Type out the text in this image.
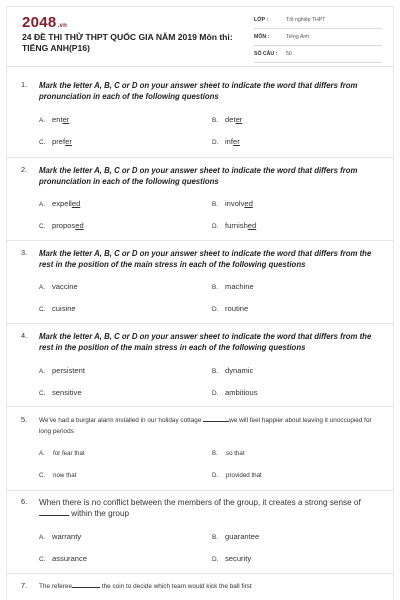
2048.vn
24 ĐỀ THI THỬ THPT QUỐC GIA NĂM 2019 Môn thi: TIẾNG ANH(P16)
LỚP :	Tốt nghiệp THPT
MÔN :	Tiếng Anh
SỐ CÂU : 50
1. Mark the letter A, B, C or D on your answer sheet to indicate the word that differs from pronunciation in each of the following questions
A. enter	B. deter
C. prefer	D. infer
2. Mark the letter A, B, C or D on your answer sheet to indicate the word that differs from pronunciation in each of the following questions
A. expelled	B. involved
C. proposed	D. furnished
3. Mark the letter A, B, C or D on your answer sheet to indicate the word that differs from the rest in the position of the main stress in each of the following questions
A. vaccine	B. machine
C. cuisine	D. routine
4. Mark the letter A, B, C or D on your answer sheet to indicate the word that differs from the rest in the position of the main stress in each of the following questions
A. persistent	B. dynamic
C. sensitive	D. ambitious
5. We've had a burglar alarm installed in our holiday cottage	we will feel happier about leaving it unoccupied for long periods
A. for fear that	B. so that
C. now that	D. provided that
6. When there is no conflict between the members of the group, it creates a strong sense of  within the group
A. warranty	B. guarantee
C. assurance	D. security
7. The referee	the coin to decide which team would kick the ball first
